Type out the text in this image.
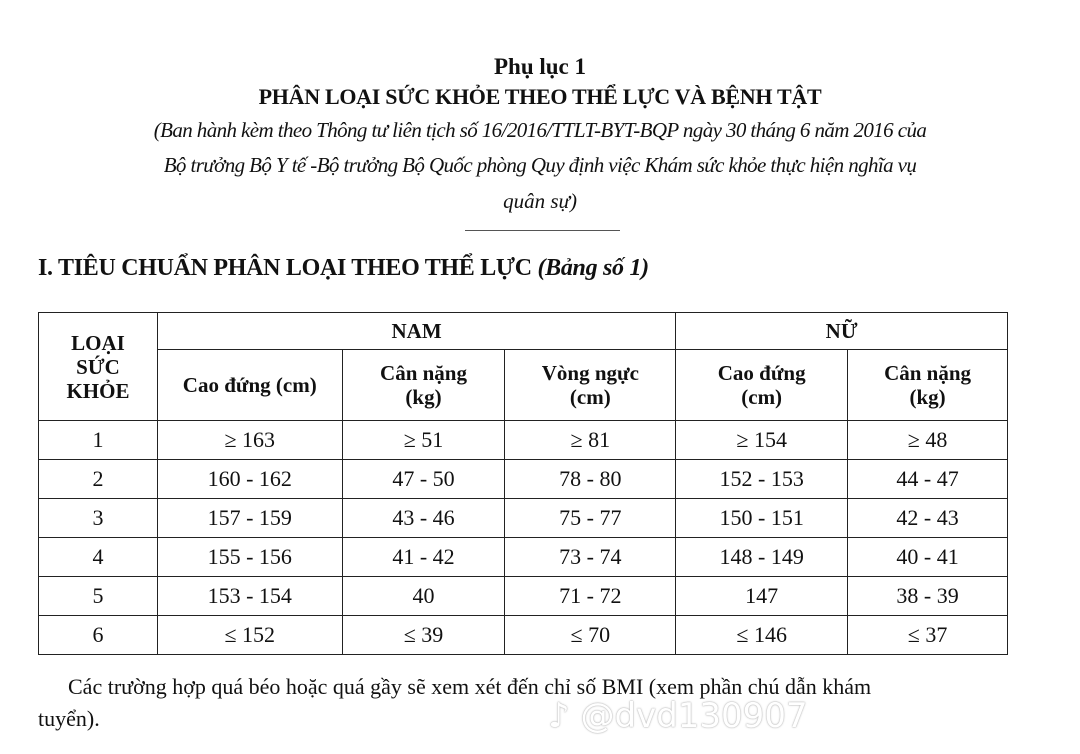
Phụ lục 1
PHÂN LOẠI SỨC KHỎE THEO THỂ LỰC VÀ BỆNH TẬT
(Ban hành kèm theo Thông tư liên tịch số 16/2016/TTLT-BYT-BQP ngày 30 tháng 6 năm 2016 của
Bộ trưởng Bộ Y tế -Bộ trưởng Bộ Quốc phòng Quy định việc Khám sức khỏe thực hiện nghĩa vụ
quân sự)
I. TIÊU CHUẨN PHÂN LOẠI THEO THỂ LỰC (Bảng số 1)
LOẠI SỨC KHỎE	NAM			NỮ	
	Cao đứng (cm)	Cân nặng (kg)	Vòng ngực (cm)	Cao đứng (cm)	Cân nặng (kg)
1	≥ 163	≥ 51	≥ 81	≥ 154	≥ 48
2	160 - 162	47 - 50	78 - 80	152 - 153	44 - 47
3	157 - 159	43 - 46	75 - 77	150 - 151	42 - 43
4	155 - 156	41 - 42	73 - 74	148 - 149	40 - 41
5	153 - 154	40	71 - 72	147	38 - 39
6	≤ 152	≤ 39	≤ 70	≤ 146	≤ 37
Các trường hợp quá béo hoặc quá gầy sẽ xem xét đến chỉ số BMI (xem phần chú dẫn khám
tuyển).	♪ @dvd130907
